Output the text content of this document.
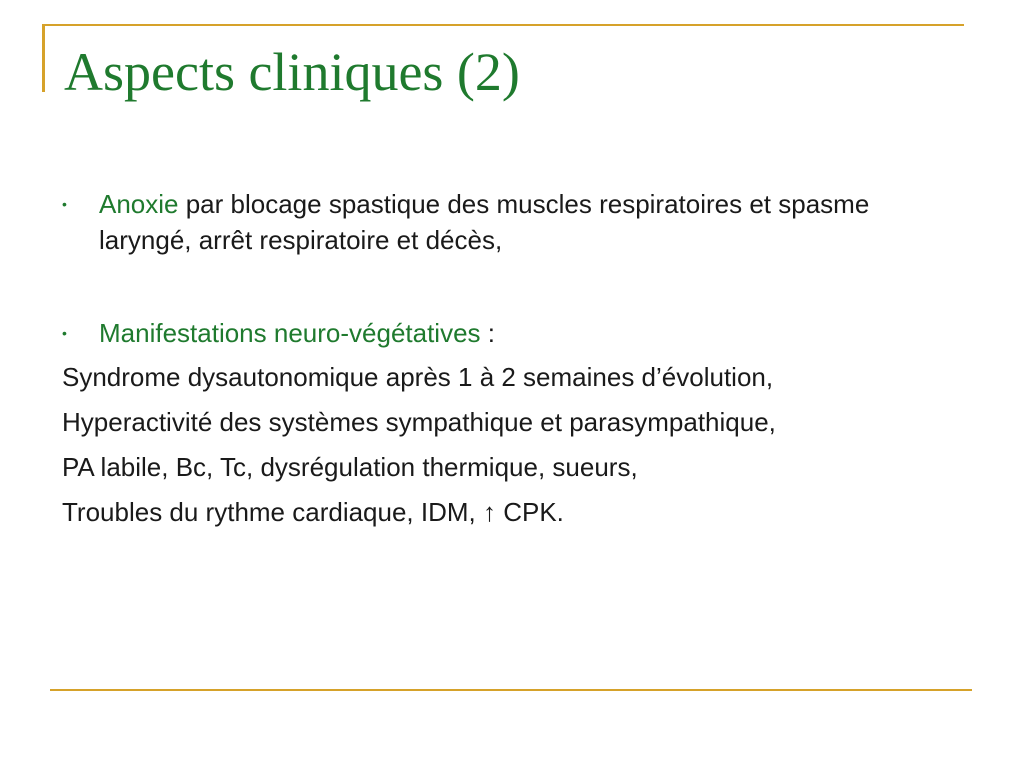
Aspects cliniques (2)
• Anoxie par blocage spastique des muscles respiratoires et spasme laryngé, arrêt respiratoire et décès,
• Manifestations neuro-végétatives :
Syndrome dysautonomique après 1 à 2 semaines d’évolution,
Hyperactivité des systèmes sympathique et parasympathique,
PA labile, Bc, Tc, dysrégulation thermique, sueurs,
Troubles du rythme cardiaque, IDM, ↑ CPK.
